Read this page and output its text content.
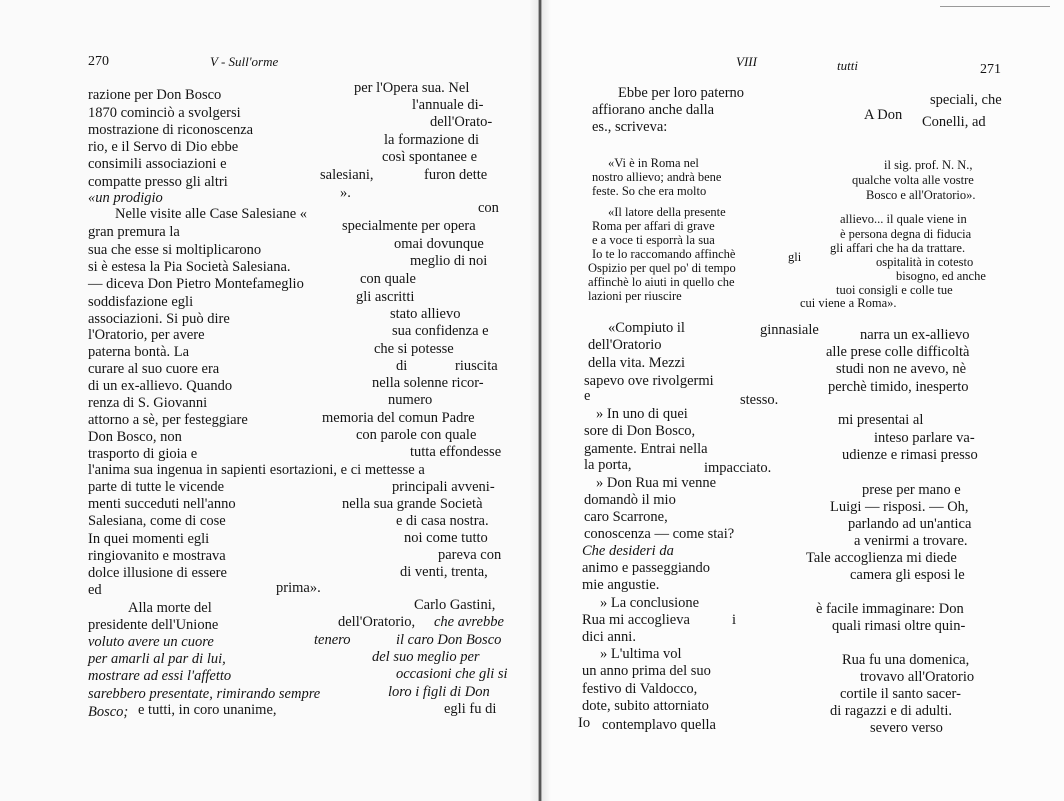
270	V - Sull'orme
razione per Don Bosco	per l'Opera sua. Nel
1870 cominciò a svolgersi	l'annuale di-
mostrazione di riconoscenza	dell'Orato-
rio, e il Servo di Dio ebbe	la formazione di
consimili associazioni e	così spontanee e
compatte presso gli altri	salesiani,	furon dette
«un prodigio	».
Nelle visite alle Case Salesiane «	con
gran premura la	specialmente per opera
sua che esse si moltiplicarono	omai dovunque
si è estesa la Pia Società Salesiana.	meglio di noi
— diceva Don Pietro Montefameglio	con quale
soddisfazione egli	gli ascritti
associazioni. Si può dire	stato allievo
l'Oratorio, per avere	sua confidenza e
paterna bontà. La	che si potesse
curare al suo cuore era	di	riuscita
di un ex-allievo. Quando	nella solenne ricor-
renza di S. Giovanni	numero
attorno a sè, per festeggiare	memoria del comun Padre
Don Bosco, non	con parole con quale
trasporto di gioia e	tutta effondesse
l'anima sua ingenua in sapienti esortazioni, e ci mettesse a
parte di tutte le vicende	principali avveni-
menti succeduti nell'anno	nella sua grande Società
Salesiana, come di cose	e di casa nostra.
In quei momenti egli	noi come tutto
ringiovanito e mostrava	pareva con
dolce illusione di essere	di venti, trenta,
ed	prima».
Alla morte del	Carlo Gastini,
presidente dell'Unione	dell'Oratorio, che avrebbe
voluto avere un cuore	tenero	il caro Don Bosco
per amarli al par di lui,	del suo meglio per
mostrare ad essi l'affetto	occasioni che gli si
sarebbero presentate, rimirando sempre	loro i figli di Don
Bosco; e tutti, in coro unanime,	egli fu di
VIII	tutti	271
Ebbe per loro paterno	speciali, che
affiorano anche dalla	A Don Conelli, ad
es., scriveva:
«Vi è in Roma nel	il sig. prof. N. N.,
nostro allievo; andrà bene	qualche volta alle vostre
feste. So che era molto	Bosco e all'Oratorio».
«Il latore della presente	allievo... il quale viene in
Roma per affari di grave
è persona degna di fiducia
e a voce ti esporrà la sua
gli affari che ha da trattare.
Io te lo raccomando affinchè	gli	ospitalità in cotesto
Ospizio per quel po' di tempo
bisogno, ed anche
affinchè lo aiuti in quello che
tuoi consigli e colle tue
lazioni per riuscire	cui viene a Roma».
«Compiuto il	ginnasiale	narra un ex-allievo
dell'Oratorio	alle prese colle difficoltà
della vita. Mezzi	studi non ne avevo, nè
sapevo ove rivolgermi	perchè timido, inesperto
e	stesso.
» In uno di quei	mi presentai al
sore di Don Bosco,	inteso parlare va-
gamente. Entrai nella	udienze e rimasi presso
la porta,	impacciato.
» Don Rua mi venne	prese per mano e
domandò il mio	Luigi — risposi. — Oh,
caro Scarrone,	parlando ad un'antica
conoscenza — come stai?	a venirmi a trovare.
Che desideri da	Tale accoglienza mi diede
animo e passeggiando	camera gli esposi le
mie angustie.
» La conclusione	è facile immaginare: Don
Rua mi accoglieva	i	quali rimasi oltre quin-
dici anni.
» L'ultima vol	Rua fu una domenica,
un anno prima del suo	trovavo all'Oratorio
festivo di Valdocco,	cortile il santo sacer-
dote, subito attorniato	di ragazzi e di adulti.
Io contemplavo quella	severo verso
